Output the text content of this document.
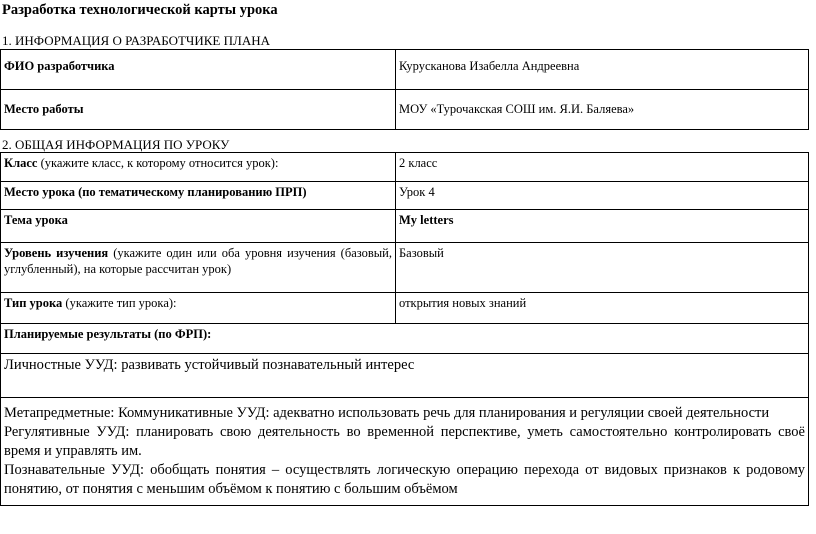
Разработка технологической карты урока
1. ИНФОРМАЦИЯ О РАЗРАБОТЧИКЕ ПЛАНА
ФИО разработчика	Курусканова Изабелла Андреевна
Место работы	МОУ «Турочакская СОШ им. Я.И. Баляева»
2. ОБЩАЯ ИНФОРМАЦИЯ ПО УРОКУ
Класс (укажите класс, к которому относится урок):	2 класс
Место урока (по тематическому планированию ПРП)	Урок 4
Тема урока	My letters
Уровень изучения (укажите один или оба уровня изучения (базовый, углубленный), на которые рассчитан урок)	Базовый
Тип урока (укажите тип урока):	открытия новых знаний
Планируемые результаты (по ФРП):	
Личностные УУД: развивать устойчивый познавательный интерес	

Метапредметные: Коммуникативные УУД: адекватно использовать речь для планирования и регуляции своей деятельности
Регулятивные УУД: планировать свою деятельность во временной перспективе, уметь самостоятельно контролировать своё время и управлять им.
Познавательные УУД: обобщать понятия – осуществлять логическую операцию перехода от видовых признаков к родовому понятию, от понятия с меньшим объёмом к понятию с большим объёмом	
